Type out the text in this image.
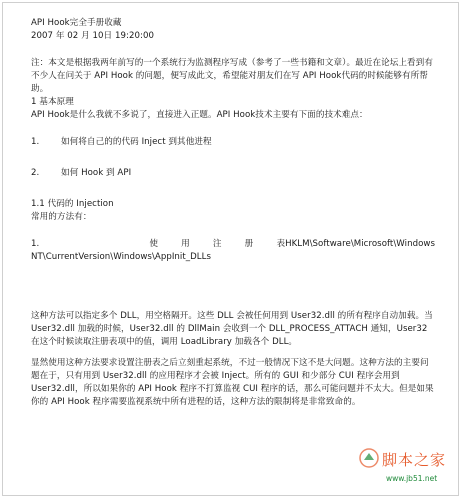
API Hook完全手册收藏
2007 年 02 月 10日 19:20:00
注：本文是根据我两年前写的一个系统行为监测程序写成（参考了一些书籍和文章）。最近在论坛上看到有不少人在问关于 API Hook 的问题，便写成此文，希望能对朋友们在写 API Hook代码的时候能够有所帮助。
1 基本原理
API Hook是什么我就不多说了，直接进入正题。API Hook技术主要有下面的技术难点：
1.	如何将自己的的代码 Inject 到其他进程
2.	如何 Hook 到 API
1.1 代码的 Injection
常用的方法有：
1.	使	用	注	册	表 HKLM\Software\Microsoft\Windows
NT\CurrentVersion\Windows\AppInit_DLLs
这种方法可以指定多个 DLL，用空格隔开。这些 DLL 会被任何用到 User32.dll 的所有程序自动加载。当 User32.dll 加载的时候，User32.dll 的 DllMain 会收到一个 DLL_PROCESS_ATTACH 通知，User32 在这个时候读取注册表项中的值，调用 LoadLibrary 加载各个 DLL。
显然使用这种方法要求设置注册表之后立刻重起系统，不过一般情况下这不是大问题。这种方法的主要问题在于，只有用到 User32.dll 的应用程序才会被 Inject。所有的 GUI 和少部分 CUI 程序会用到 User32.dll，所以如果你的 API Hook 程序不打算监视 CUI 程序的话，那么可能问题并不太大。但是如果你的 API Hook 程序需要监视系统中所有进程的话，这种方法的限制将是非常致命的。
脚本之家
www.jb51.net
